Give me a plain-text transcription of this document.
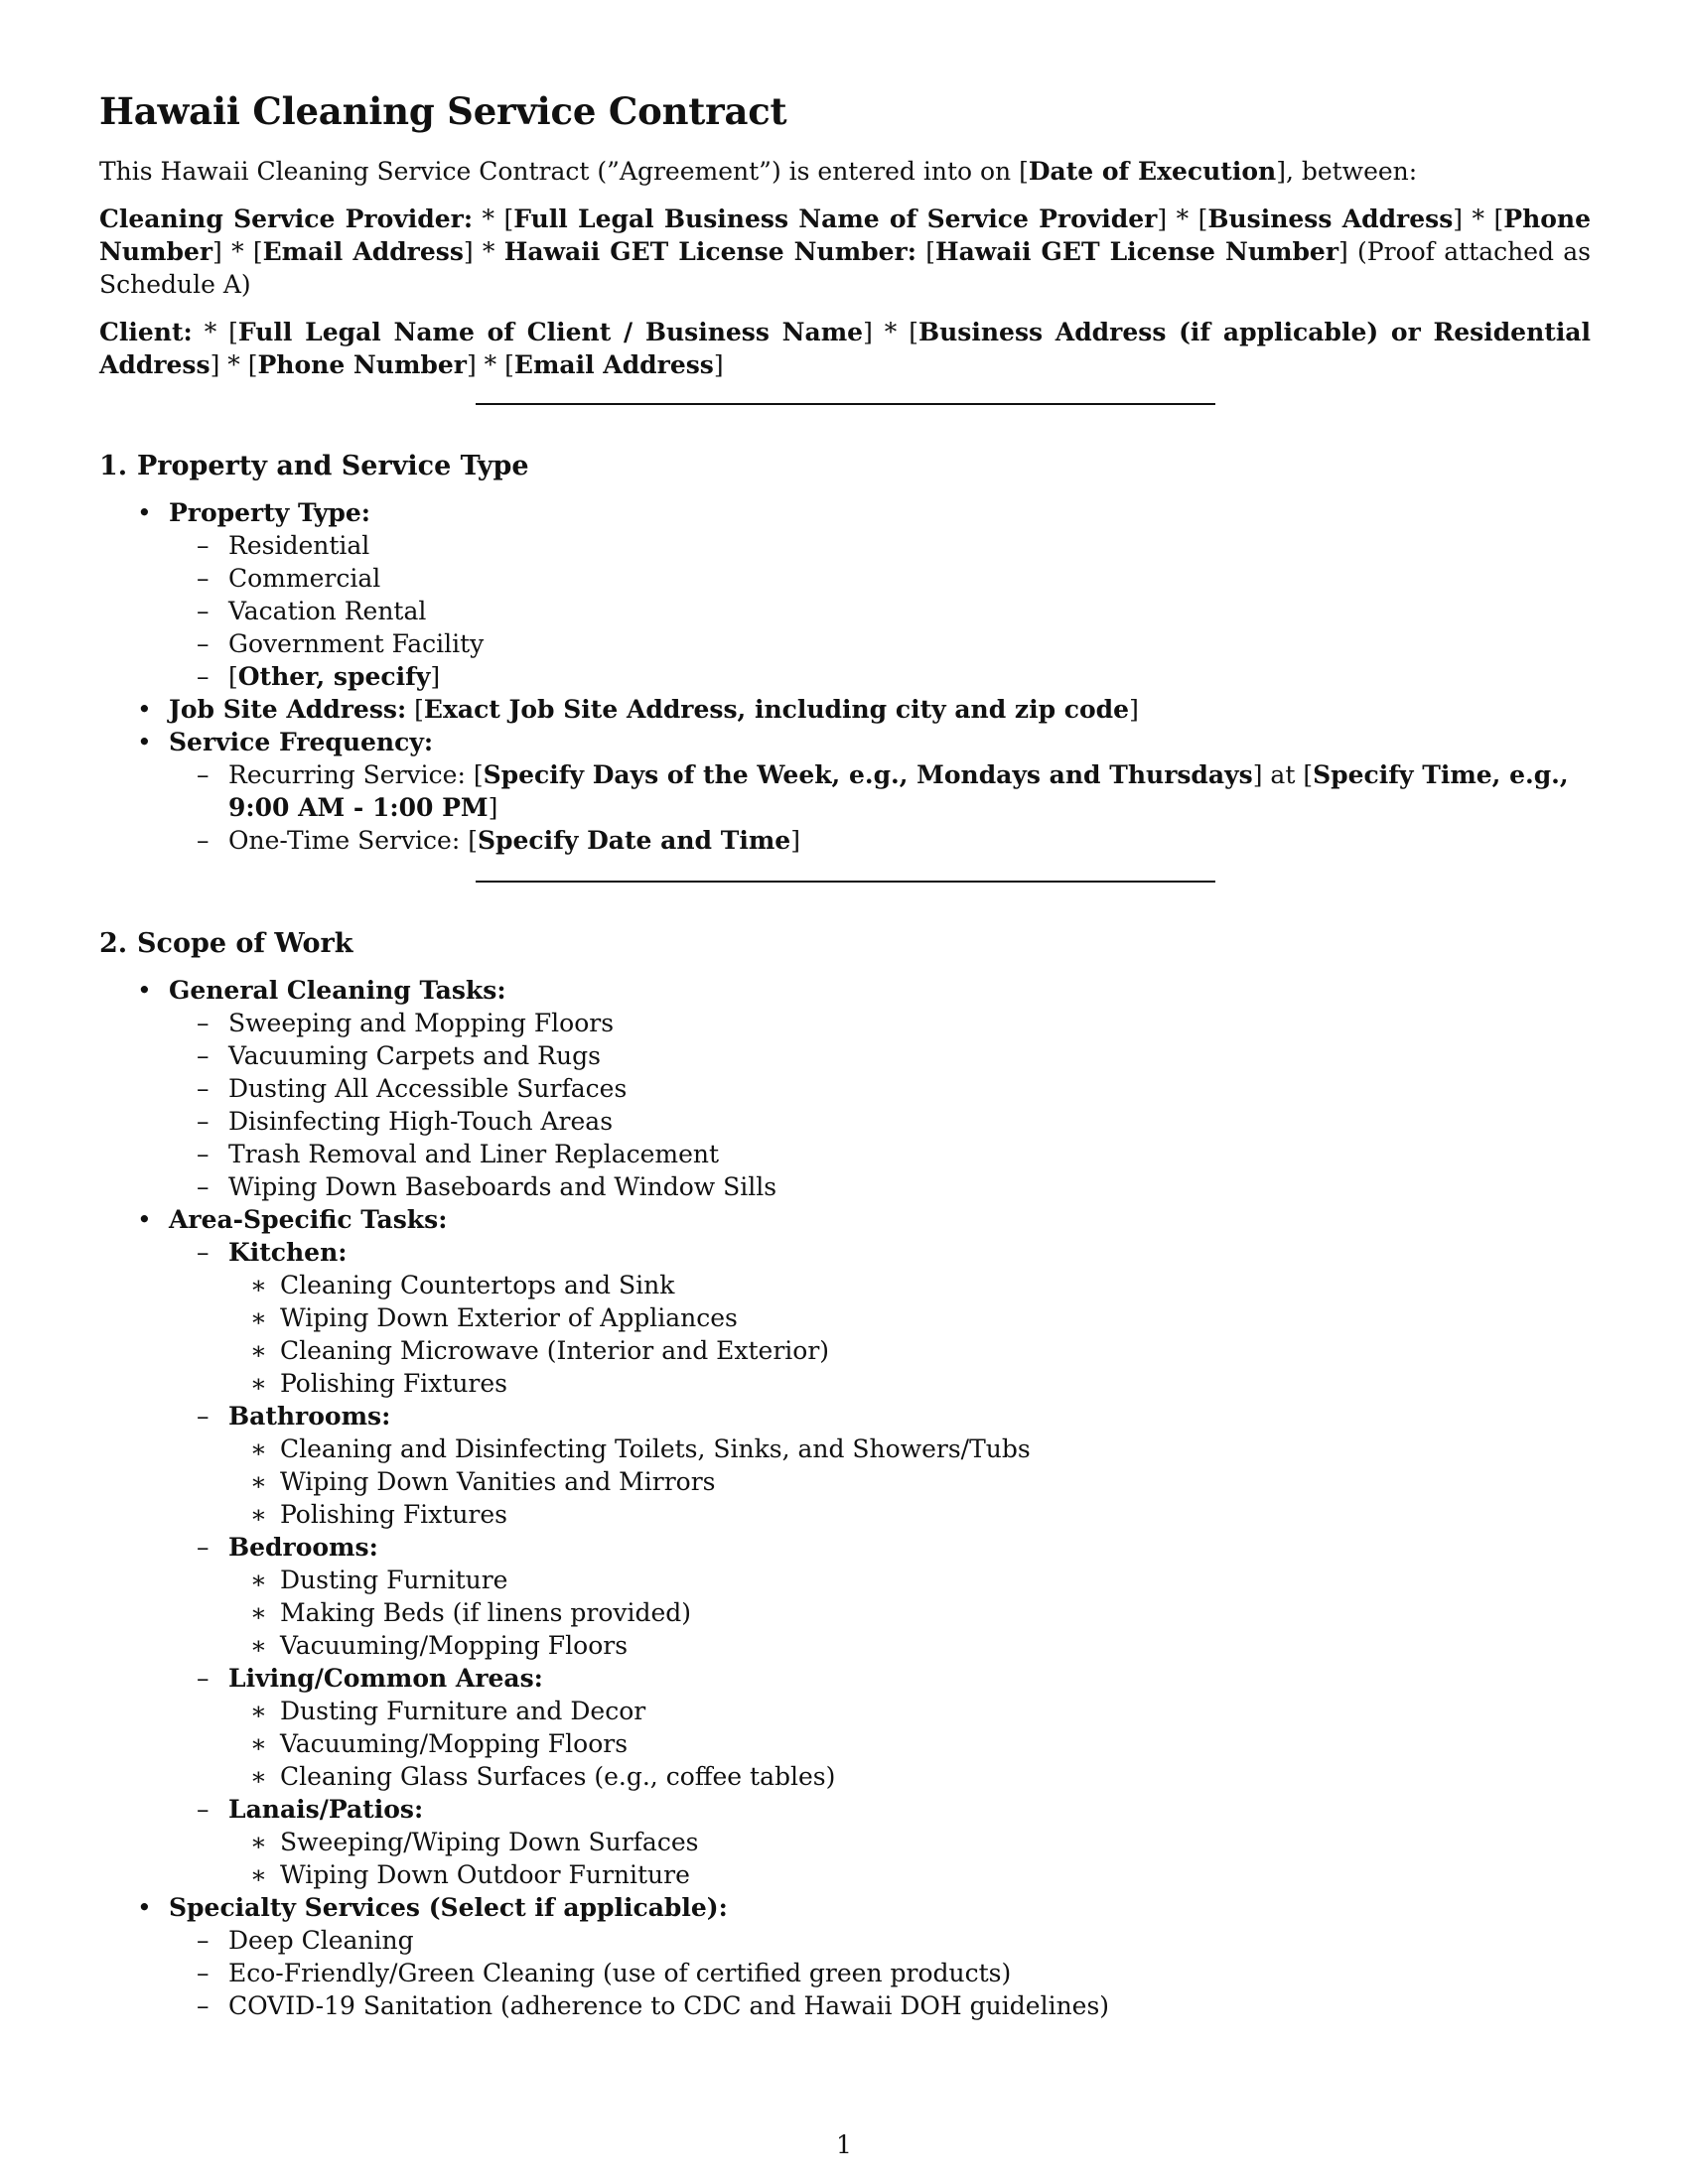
Hawaii Cleaning Service Contract

This Hawaii Cleaning Service Contract (”Agreement”) is entered into on [Date of Execution], between:

Cleaning Service Provider: * [Full Legal Business Name of Service Provider] * [Business Address] * [Phone Number] * [Email Address] * Hawaii GET License Number: [Hawaii GET License Number] (Proof attached as Schedule A)

Client: * [Full Legal Name of Client / Business Name] * [Business Address (if applicable) or Residential Address] * [Phone Number] * [Email Address]

1. Property and Service Type
• Property Type:
– Residential
– Commercial
– Vacation Rental
– Government Facility
– [Other, specify]
• Job Site Address: [Exact Job Site Address, including city and zip code]
• Service Frequency:
– Recurring Service: [Specify Days of the Week, e.g., Mondays and Thursdays] at [Specify Time, e.g., 9:00 AM - 1:00 PM]
– One-Time Service: [Specify Date and Time]
2. Scope of Work
• General Cleaning Tasks:
– Sweeping and Mopping Floors
– Vacuuming Carpets and Rugs
– Dusting All Accessible Surfaces
– Disinfecting High-Touch Areas
– Trash Removal and Liner Replacement
– Wiping Down Baseboards and Window Sills
• Area-Specific Tasks:
– Kitchen:
∗ Cleaning Countertops and Sink
∗ Wiping Down Exterior of Appliances
∗ Cleaning Microwave (Interior and Exterior)
∗ Polishing Fixtures
– Bathrooms:
∗ Cleaning and Disinfecting Toilets, Sinks, and Showers/Tubs
∗ Wiping Down Vanities and Mirrors
∗ Polishing Fixtures
– Bedrooms:
∗ Dusting Furniture
∗ Making Beds (if linens provided)
∗ Vacuuming/Mopping Floors
– Living/Common Areas:
∗ Dusting Furniture and Decor
∗ Vacuuming/Mopping Floors
∗ Cleaning Glass Surfaces (e.g., coffee tables)
– Lanais/Patios:
∗ Sweeping/Wiping Down Surfaces
∗ Wiping Down Outdoor Furniture
• Specialty Services (Select if applicable):
– Deep Cleaning
– Eco-Friendly/Green Cleaning (use of certified green products)
– COVID-19 Sanitation (adherence to CDC and Hawaii DOH guidelines)
1
